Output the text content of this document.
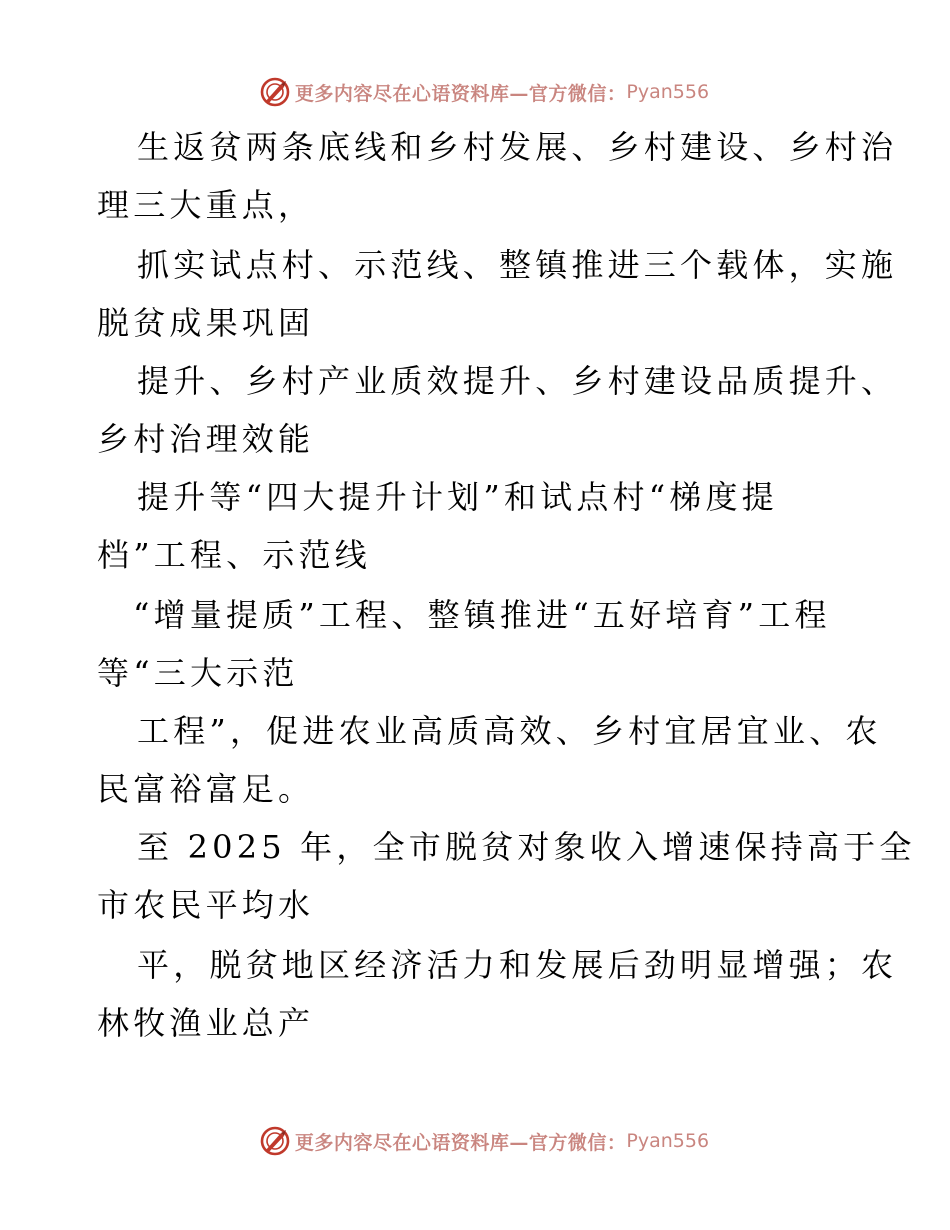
更多内容尽在心语资料库—官方微信： Pyan556
生返贫两条底线和乡村发展、乡村建设、乡村治
理三大重点，
抓实试点村、示范线、整镇推进三个载体，实施
脱贫成果巩固
提升、乡村产业质效提升、乡村建设品质提升、
乡村治理效能
提升等“四大提升计划”和试点村“梯度提
档”工程、示范线
“增量提质”工程、整镇推进“五好培育”工程
等“三大示范
工程”，促进农业高质高效、乡村宜居宜业、农
民富裕富足。
至 2025 年，全市脱贫对象收入增速保持高于全
市农民平均水
平，脱贫地区经济活力和发展后劲明显增强；农
林牧渔业总产
更多内容尽在心语资料库—官方微信： Pyan556
